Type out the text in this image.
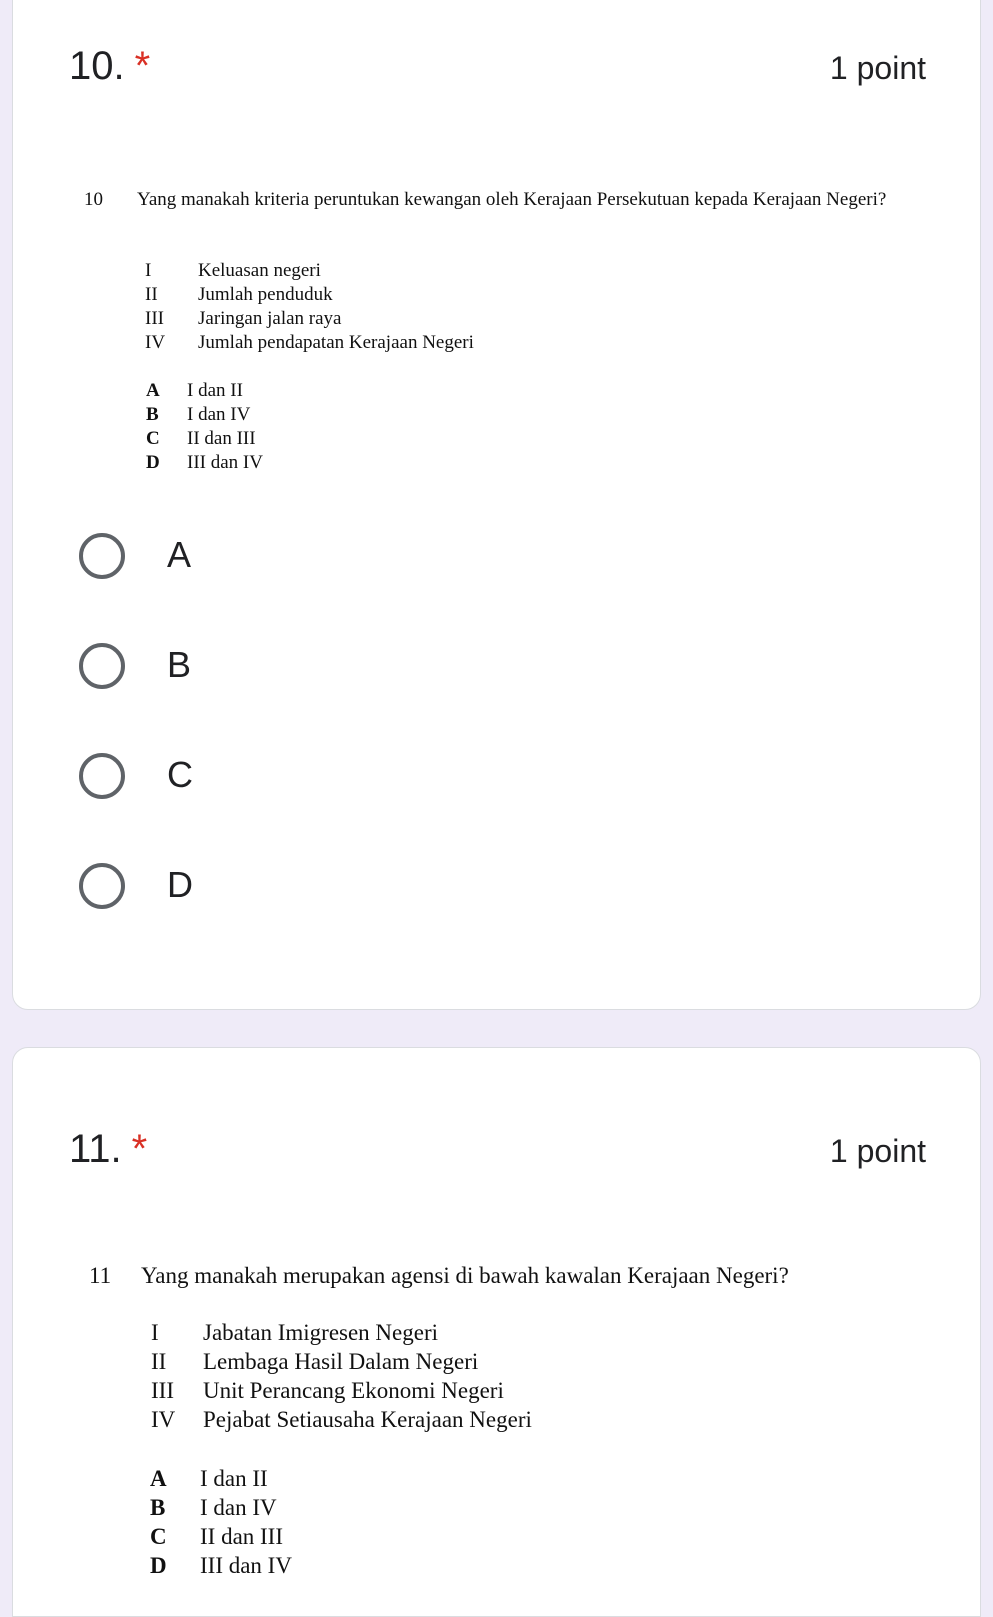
10. *	1 point
10	Yang manakah kriteria peruntukan kewangan oleh Kerajaan Persekutuan kepada Kerajaan Negeri?
I Keluasan negeri
II Jumlah penduduk
III Jaringan jalan raya
IV Jumlah pendapatan Kerajaan Negeri
A I dan II
B I dan IV
C II dan III
D III dan IV
A
B
C
D
11. *	1 point
11	Yang manakah merupakan agensi di bawah kawalan Kerajaan Negeri?
I Jabatan Imigresen Negeri
II Lembaga Hasil Dalam Negeri
III Unit Perancang Ekonomi Negeri
IV Pejabat Setiausaha Kerajaan Negeri
A I dan II
B I dan IV
C II dan III
D III dan IV
